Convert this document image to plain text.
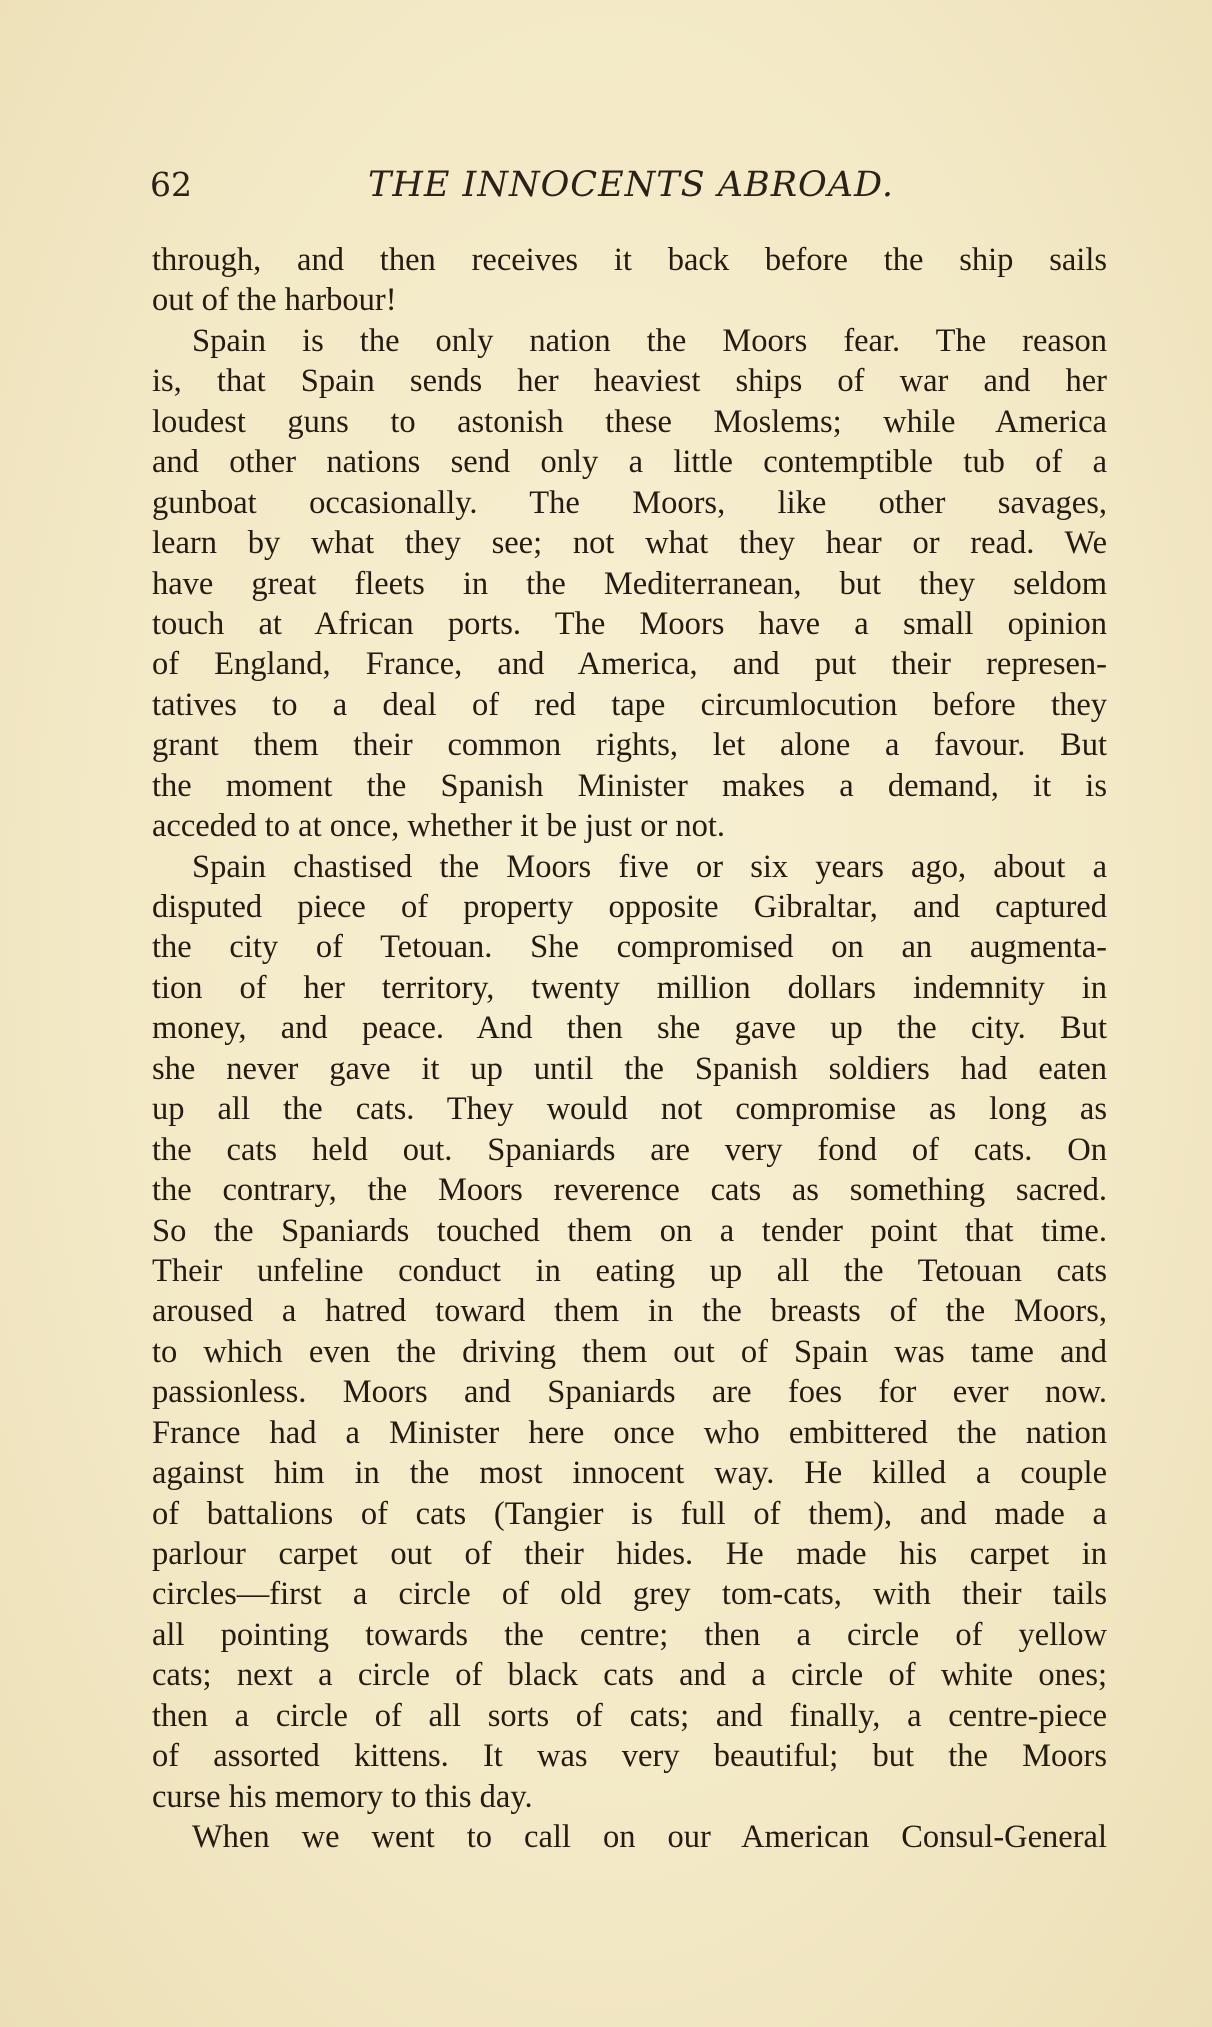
62	THE INNOCENTS ABROAD.
through, and then receives it back before the ship sails
out of the harbour!
Spain is the only nation the Moors fear. The reason
is, that Spain sends her heaviest ships of war and her
loudest guns to astonish these Moslems; while America
and other nations send only a little contemptible tub of a
gunboat occasionally. The Moors, like other savages,
learn by what they see; not what they hear or read. We
have great fleets in the Mediterranean, but they seldom
touch at African ports. The Moors have a small opinion
of England, France, and America, and put their represen-
tatives to a deal of red tape circumlocution before they
grant them their common rights, let alone a favour. But
the moment the Spanish Minister makes a demand, it is
acceded to at once, whether it be just or not.
Spain chastised the Moors five or six years ago, about a
disputed piece of property opposite Gibraltar, and captured
the city of Tetouan. She compromised on an augmenta-
tion of her territory, twenty million dollars indemnity in
money, and peace. And then she gave up the city. But
she never gave it up until the Spanish soldiers had eaten
up all the cats. They would not compromise as long as
the cats held out. Spaniards are very fond of cats. On
the contrary, the Moors reverence cats as something sacred.
So the Spaniards touched them on a tender point that time.
Their unfeline conduct in eating up all the Tetouan cats
aroused a hatred toward them in the breasts of the Moors,
to which even the driving them out of Spain was tame and
passionless. Moors and Spaniards are foes for ever now.
France had a Minister here once who embittered the nation
against him in the most innocent way. He killed a couple
of battalions of cats (Tangier is full of them), and made a
parlour carpet out of their hides. He made his carpet in
circles—first a circle of old grey tom-cats, with their tails
all pointing towards the centre; then a circle of yellow
cats; next a circle of black cats and a circle of white ones;
then a circle of all sorts of cats; and finally, a centre-piece
of assorted kittens. It was very beautiful; but the Moors
curse his memory to this day.
When we went to call on our American Consul-General
